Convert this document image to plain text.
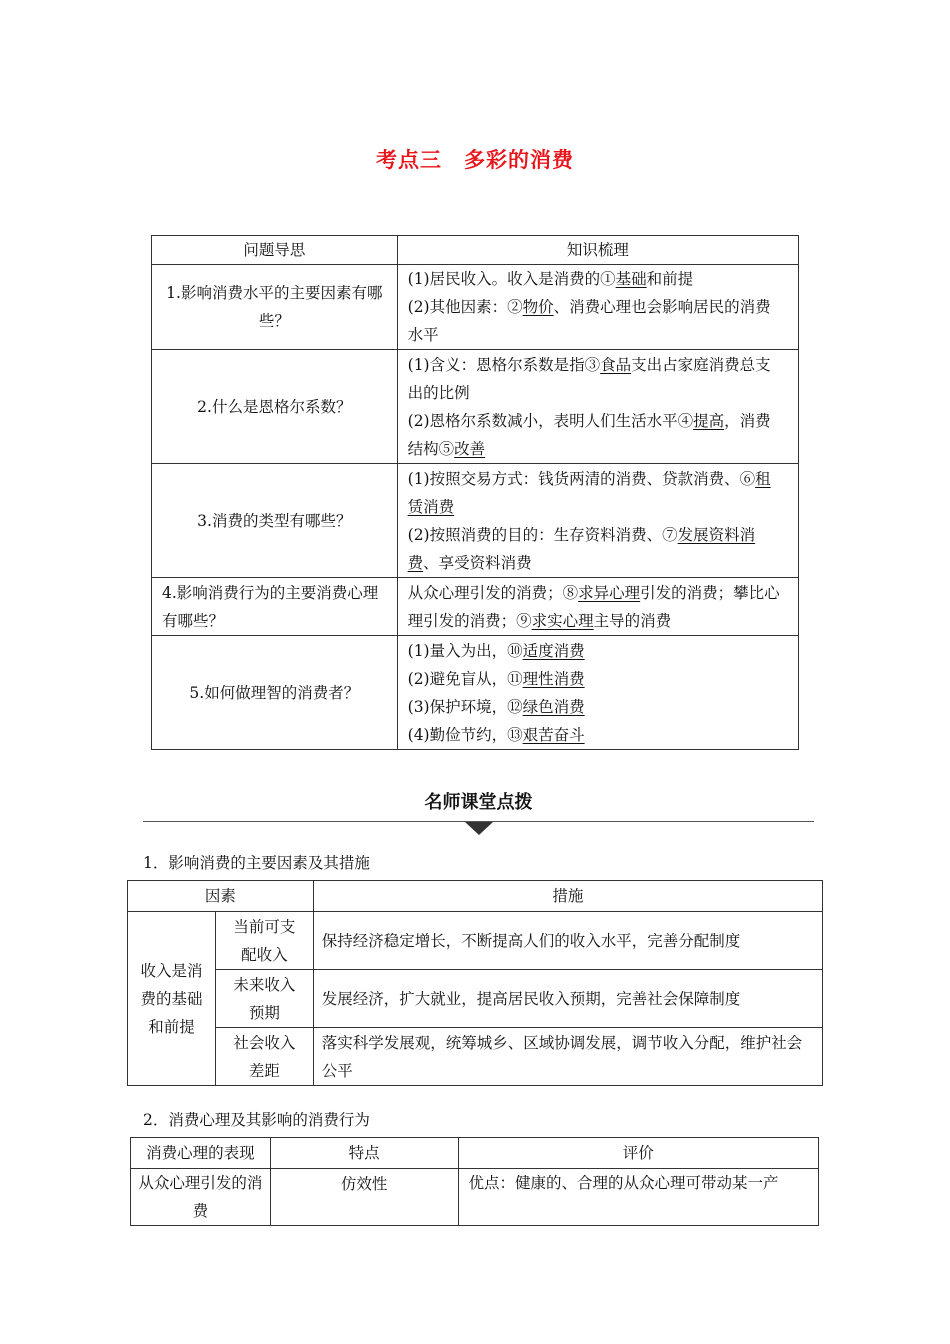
考点三　多彩的消费
问题导思	知识梳理
1.影响消费水平的主要因素有哪些？	(1)居民收入。收入是消费的①基础和前提
(2)其他因素：②物价、消费心理也会影响居民的消费水平

2.什么是恩格尔系数？	(1)含义：恩格尔系数是指③食品支出占家庭消费总支出的比例
(2)恩格尔系数减小，表明人们生活水平④提高，消费结构⑤改善

3.消费的类型有哪些？	(1)按照交易方式：钱货两清的消费、贷款消费、⑥租赁消费
(2)按照消费的目的：生存资料消费、⑦发展资料消费、享受资料消费

4.影响消费行为的主要消费心理有哪些？	从众心理引发的消费；⑧求异心理引发的消费；攀比心理引发的消费；⑨求实心理主导的消费

5.如何做理智的消费者？	(1)量入为出，⑩适度消费
(2)避免盲从，⑪理性消费
(3)保护环境，⑫绿色消费
(4)勤俭节约，⑬艰苦奋斗
名师课堂点拨
1．影响消费的主要因素及其措施
因素		措施
收入是消费的基础和前提	当前可支配收入	保持经济稳定增长，不断提高人们的收入水平，完善分配制度
	未来收入预期	发展经济，扩大就业，提高居民收入预期，完善社会保障制度
	社会收入差距	落实科学发展观，统筹城乡、区域协调发展，调节收入分配，维护社会公平
2．消费心理及其影响的消费行为
消费心理的表现	特点	评价
从众心理引发的消费	仿效性	优点：健康的、合理的从众心理可带动某一产
